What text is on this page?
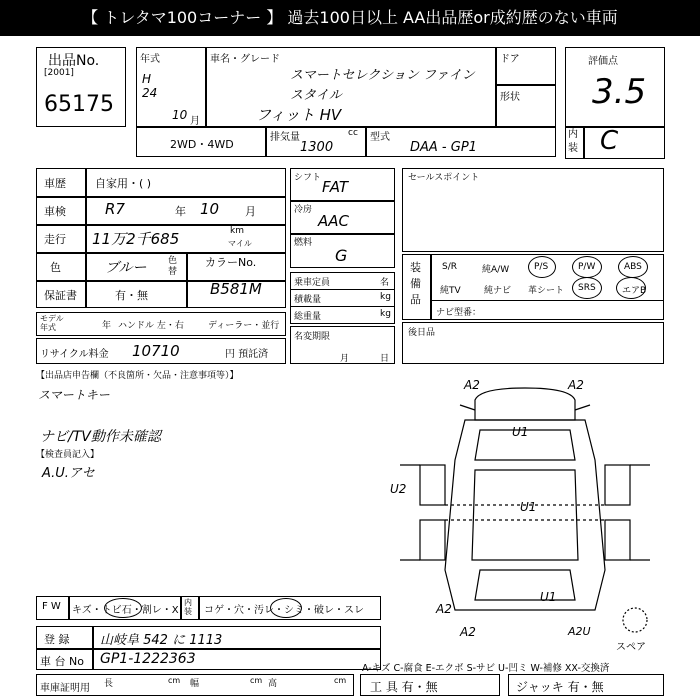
【 トレタマ100コーナー 】 過去100日以上 AA出品歴or成約歴のない車両
出品No.
[2001]
65175
年式
H
24
10 月
車名・グレード
スマートセレクション ファイン スタイル
フィット HV
ドア
形状
評価点
3.5
内装 C
2WD・4WD
排気量	cc
1300
型式
DAA - GP1
車歴	自家用・( )
車検	R7	年 10 月
走行 11万2千685	km
マイル
色	ブルー 色替
保証書	有・無
カラーNo.
B581M
モデル年式	年 ハンドル 左・右	ディーラー・並行
リサイクル料金 10710	円 預託済
シフト FAT
冷房
AAC
燃料
G
乗車定員	名
積載量	kg
総重量	kg
名変期限
月	日
セールスポイント
装備品
S/R	純A/W	P/S	P/W	ABS
純TV	純ナビ 革シート SRS	エアB
ナビ型番：
後日品
【出品店申告欄（不良箇所・欠品・注意事項等）】
スマートキー
ナビ/TV動作未確認
【検査員記入】
A.U.アセ
A2	A2
U1
U2
U1
U1
A2
A2	A2U
スペア
F W キズ・トビ石・割レ・X
内装 コゲ・穴・汚レ・シミ・破レ・スレ
登 録 山岐阜 542 に 1113
車 台 No GP1-1222363
A-キズ C-腐食 E-エクボ S-サビ U-凹ミ W-補修 XX-交換済
車庫証明用 長	cm 幅	cm 高	cm 工 具 有・無	ジャッキ 有・無
